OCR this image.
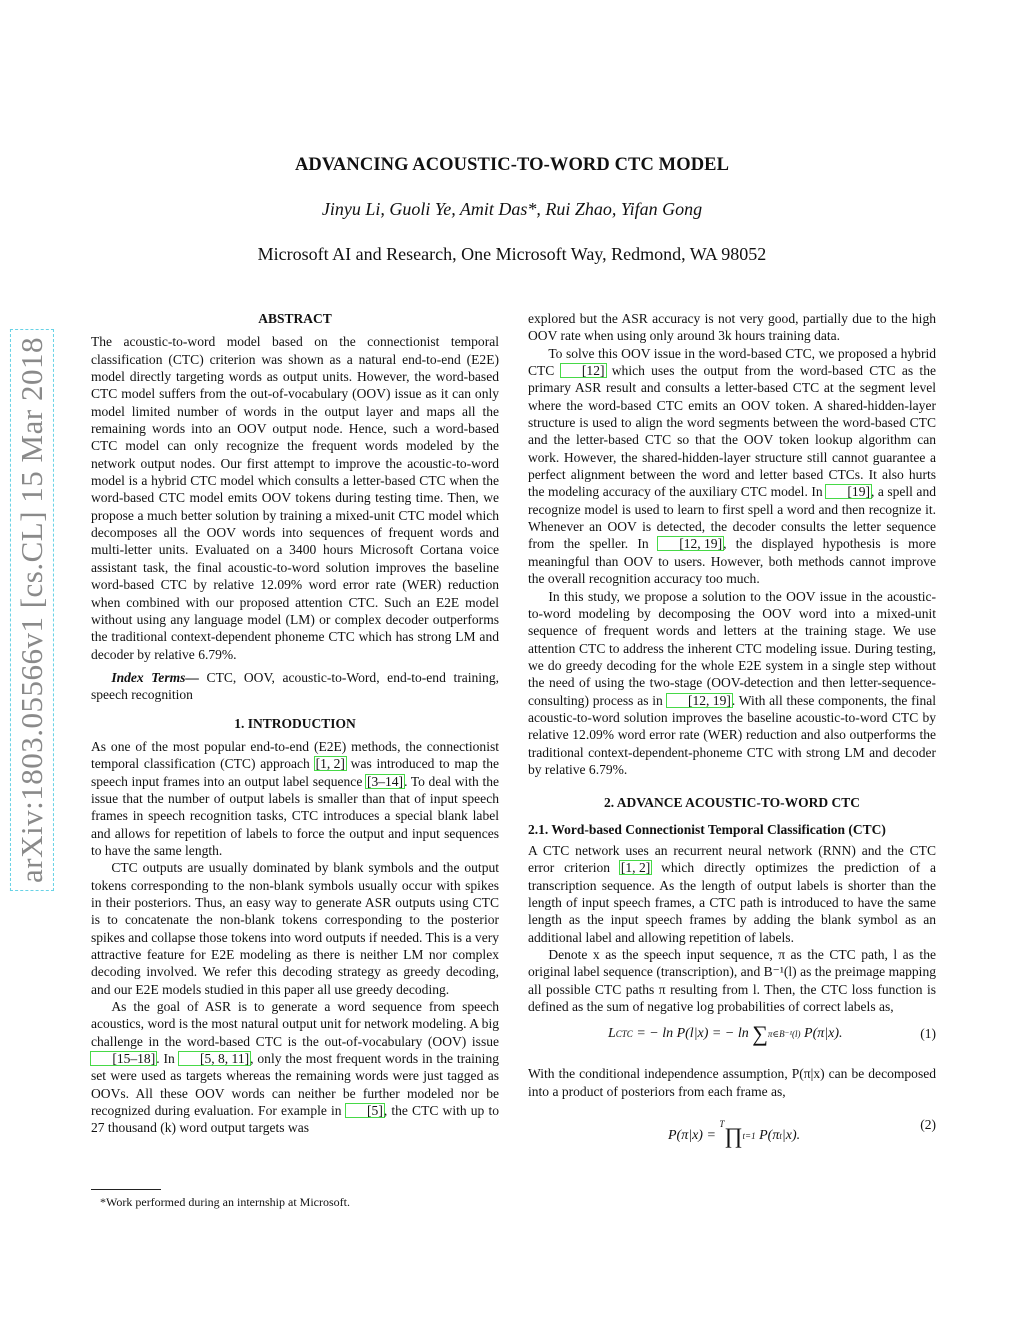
arXiv:1803.05566v1 [cs.CL] 15 Mar 2018
ADVANCING ACOUSTIC-TO-WORD CTC MODEL
Jinyu Li, Guoli Ye, Amit Das*, Rui Zhao, Yifan Gong
Microsoft AI and Research, One Microsoft Way, Redmond, WA 98052
ABSTRACT

The acoustic-to-word model based on the connectionist temporal classification (CTC) criterion was shown as a natural end-to-end (E2E) model directly targeting words as output units. However, the word-based CTC model suffers from the out-of-vocabulary (OOV) issue as it can only model limited number of words in the output layer and maps all the remaining words into an OOV output node. Hence, such a word-based CTC model can only recognize the frequent words modeled by the network output nodes. Our first attempt to improve the acoustic-to-word model is a hybrid CTC model which consults a letter-based CTC when the word-based CTC model emits OOV tokens during testing time. Then, we propose a much better solution by training a mixed-unit CTC model which decomposes all the OOV words into sequences of frequent words and multi-letter units. Evaluated on a 3400 hours Microsoft Cortana voice assistant task, the final acoustic-to-word solution improves the baseline word-based CTC by relative 12.09% word error rate (WER) reduction when combined with our proposed attention CTC. Such an E2E model without using any language model (LM) or complex decoder outperforms the traditional context-dependent phoneme CTC which has strong LM and decoder by relative 6.79%.

Index Terms— CTC, OOV, acoustic-to-Word, end-to-end training, speech recognition

1. INTRODUCTION

As one of the most popular end-to-end (E2E) methods, the connectionist temporal classification (CTC) approach [1, 2] was introduced to map the speech input frames into an output label sequence [3–14]. To deal with the issue that the number of output labels is smaller than that of input speech frames in speech recognition tasks, CTC introduces a special blank label and allows for repetition of labels to force the output and input sequences to have the same length.

CTC outputs are usually dominated by blank symbols and the output tokens corresponding to the non-blank symbols usually occur with spikes in their posteriors. Thus, an easy way to generate ASR outputs using CTC is to concatenate the non-blank tokens corresponding to the posterior spikes and collapse those tokens into word outputs if needed. This is a very attractive feature for E2E modeling as there is neither LM nor complex decoding involved. We refer this decoding strategy as greedy decoding, and our E2E models studied in this paper all use greedy decoding.

As the goal of ASR is to generate a word sequence from speech acoustics, word is the most natural output unit for network modeling. A big challenge in the word-based CTC is the out-of-vocabulary (OOV) issue [15–18]. In [5, 8, 11], only the most frequent words in the training set were used as targets whereas the remaining words were just tagged as OOVs. All these OOV words can neither be further modeled nor be recognized during evaluation. For example in [5], the CTC with up to 27 thousand (k) word output targets was

explored but the ASR accuracy is not very good, partially due to the high OOV rate when using only around 3k hours training data.

To solve this OOV issue in the word-based CTC, we proposed a hybrid CTC [12] which uses the output from the word-based CTC as the primary ASR result and consults a letter-based CTC at the segment level where the word-based CTC emits an OOV token. A shared-hidden-layer structure is used to align the word segments between the word-based CTC and the letter-based CTC so that the OOV token lookup algorithm can work. However, the shared-hidden-layer structure still cannot guarantee a perfect alignment between the word and letter based CTCs. It also hurts the modeling accuracy of the auxiliary CTC model. In [19], a spell and recognize model is used to learn to first spell a word and then recognize it. Whenever an OOV is detected, the decoder consults the letter sequence from the speller. In [12, 19], the displayed hypothesis is more meaningful than OOV to users. However, both methods cannot improve the overall recognition accuracy too much.

In this study, we propose a solution to the OOV issue in the acoustic-to-word modeling by decomposing the OOV word into a mixed-unit sequence of frequent words and letters at the training stage. We use attention CTC to address the inherent CTC modeling issue. During testing, we do greedy decoding for the whole E2E system in a single step without the need of using the two-stage (OOV-detection and then letter-sequence-consulting) process as in [12, 19]. With all these components, the final acoustic-to-word solution improves the baseline acoustic-to-word CTC by relative 12.09% word error rate (WER) reduction and also outperforms the traditional context-dependent-phoneme CTC with strong LM and decoder by relative 6.79%.

2. ADVANCE ACOUSTIC-TO-WORD CTC
2.1. Word-based Connectionist Temporal Classification (CTC)

A CTC network uses an recurrent neural network (RNN) and the CTC error criterion [1, 2] which directly optimizes the prediction of a transcription sequence. As the length of output labels is shorter than the length of input speech frames, a CTC path is introduced to have the same length as the input speech frames by adding the blank symbol as an additional label and allowing repetition of labels.

Denote x as the speech input sequence, π as the CTC path, l as the original label sequence (transcription), and B⁻¹(l) as the preimage mapping all possible CTC paths π resulting from l. Then, the CTC loss function is defined as the sum of negative log probabilities of correct labels as,

LCTC = − ln P(l|x) = − ln ∑π∈B⁻¹(l) P(π|x).	(1)

With the conditional independence assumption, P(π|x) can be decomposed into a product of posteriors from each frame as,

P(π|x) = $^T$∏t=1 P(πt|x).
(2)
*Work performed during an internship at Microsoft.
